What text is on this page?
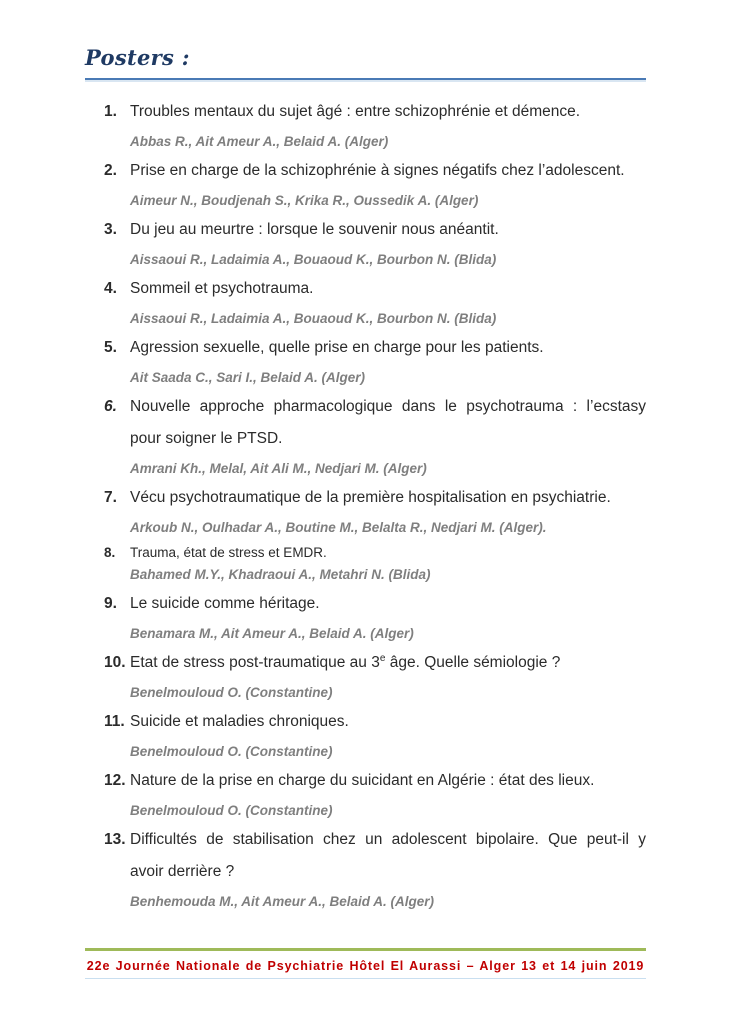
Posters :
1. Troubles mentaux du sujet âgé : entre schizophrénie et démence.
Abbas R., Ait Ameur A., Belaid A. (Alger)
2. Prise en charge de la schizophrénie à signes négatifs chez l’adolescent.
Aimeur N., Boudjenah S., Krika R., Oussedik A. (Alger)
3. Du jeu au meurtre : lorsque le souvenir nous anéantit.
Aissaoui R., Ladaimia A., Bouaoud K., Bourbon N. (Blida)
4. Sommeil et psychotrauma.
Aissaoui R., Ladaimia A., Bouaoud K., Bourbon N. (Blida)
5. Agression sexuelle, quelle prise en charge pour les patients.
Ait Saada C., Sari I., Belaid A. (Alger)
6. Nouvelle approche pharmacologique dans le psychotrauma : l’ecstasy
pour soigner le PTSD.
Amrani Kh., Melal, Ait Ali M., Nedjari M. (Alger)
7. Vécu psychotraumatique de la première hospitalisation en psychiatrie.
Arkoub N., Oulhadar A., Boutine M., Belalta R., Nedjari M. (Alger).
8.	Trauma, état de stress et EMDR.
Bahamed M.Y., Khadraoui A., Metahri N. (Blida)
9. Le suicide comme héritage.
Benamara M., Ait Ameur A., Belaid A. (Alger)
10. Etat de stress post-traumatique au 3e âge. Quelle sémiologie ?
Benelmouloud O. (Constantine)
11. Suicide et maladies chroniques.
Benelmouloud O. (Constantine)
12. Nature de la prise en charge du suicidant en Algérie : état des lieux.
Benelmouloud O. (Constantine)
13. Difficultés de stabilisation chez un adolescent bipolaire. Que peut-il y
avoir derrière ?
Benhemouda M., Ait Ameur A., Belaid A. (Alger)
22e Journée Nationale de Psychiatrie Hôtel El Aurassi – Alger 13 et 14 juin 2019
